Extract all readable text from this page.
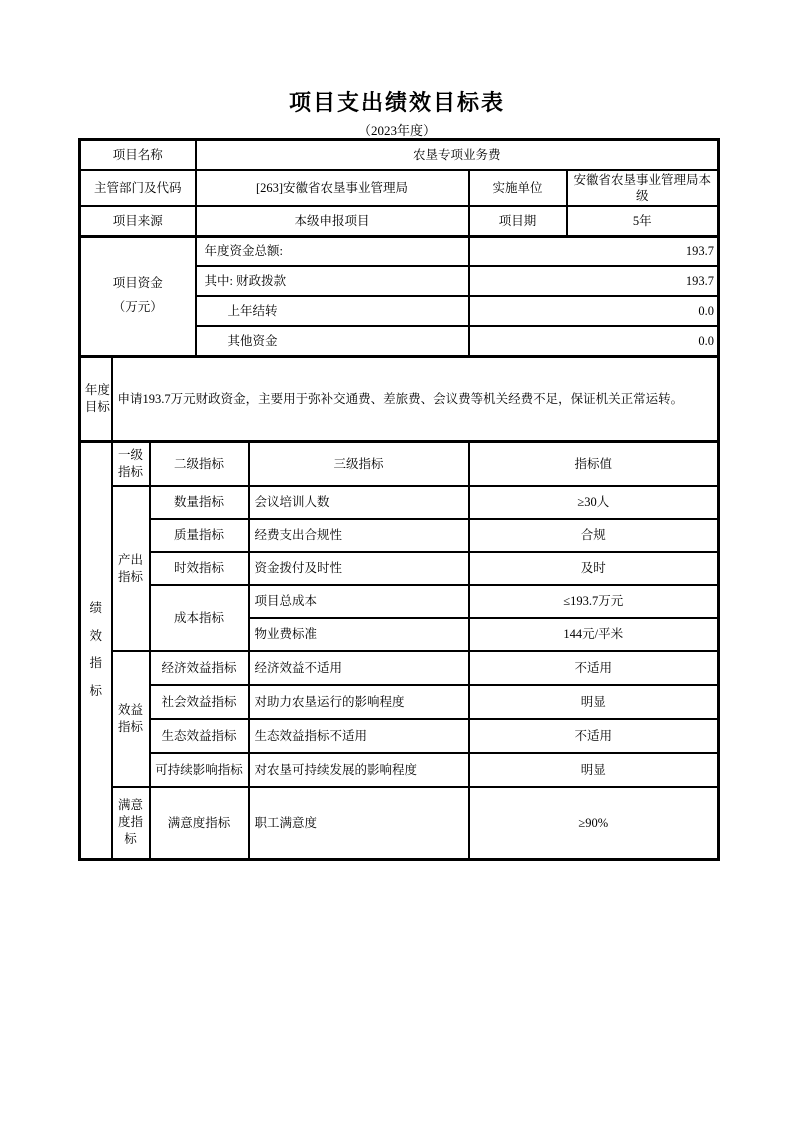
项目支出绩效目标表
（2023年度）
项目名称			农垦专项业务费			
主管部门及代码			[263]安徽省农垦事业管理局		实施单位	安徽省农垦事业管理局本级
项目来源			本级申报项目		项目期	5年
项目资金（万元）			年度资金总额:		193.7	
			其中: 财政拨款		193.7	
			上年结转		0.0	
			其他资金		0.0	
年度目标	申请193.7万元财政资金，主要用于弥补交通费、差旅费、会议费等机关经费不足，保证机关正常运转。					
绩效指标	一级指标	二级指标		三级指标	指标值	
	产出指标	数量指标		会议培训人数	≥30人	
		质量指标		经费支出合规性	合规	
		时效指标		资金拨付及时性	及时	
		成本指标		项目总成本	≤193.7万元	
				物业费标准	144元/平米	
	效益指标	经济效益指标		经济效益不适用	不适用	
		社会效益指标		对助力农垦运行的影响程度	明显	
		生态效益指标		生态效益指标不适用	不适用	
		可持续影响指标		对农垦可持续发展的影响程度	明显	
	满意度指标	满意度指标		职工满意度	≥90%	
